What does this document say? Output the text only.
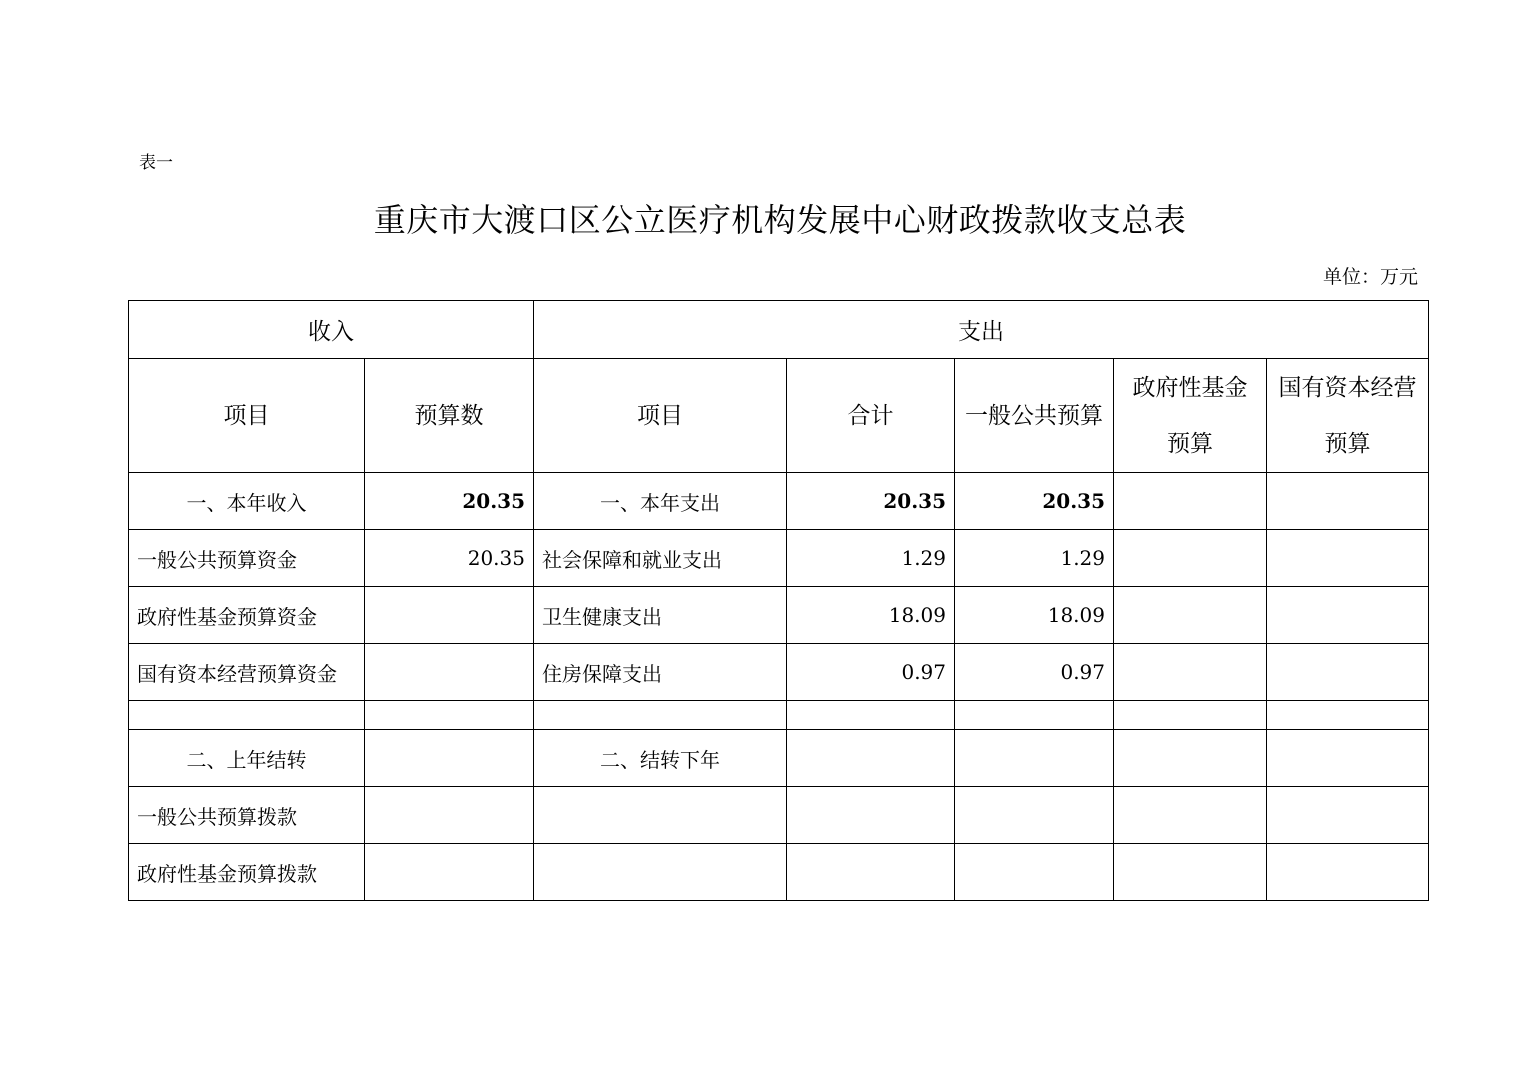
表一
重庆市大渡口区公立医疗机构发展中心财政拨款收支总表
单位：万元
收入		支出				
项目	预算数	项目	合计	一般公共预算	政府性基金预算	国有资本经营预算
一、本年收入	20.35	一、本年支出	20.35	20.35		
一般公共预算资金	20.35	社会保障和就业支出	1.29	1.29		
政府性基金预算资金		卫生健康支出	18.09	18.09		
国有资本经营预算资金		住房保障支出	0.97	0.97		

二、上年结转		二、结转下年				
一般公共预算拨款						
政府性基金预算拨款						
